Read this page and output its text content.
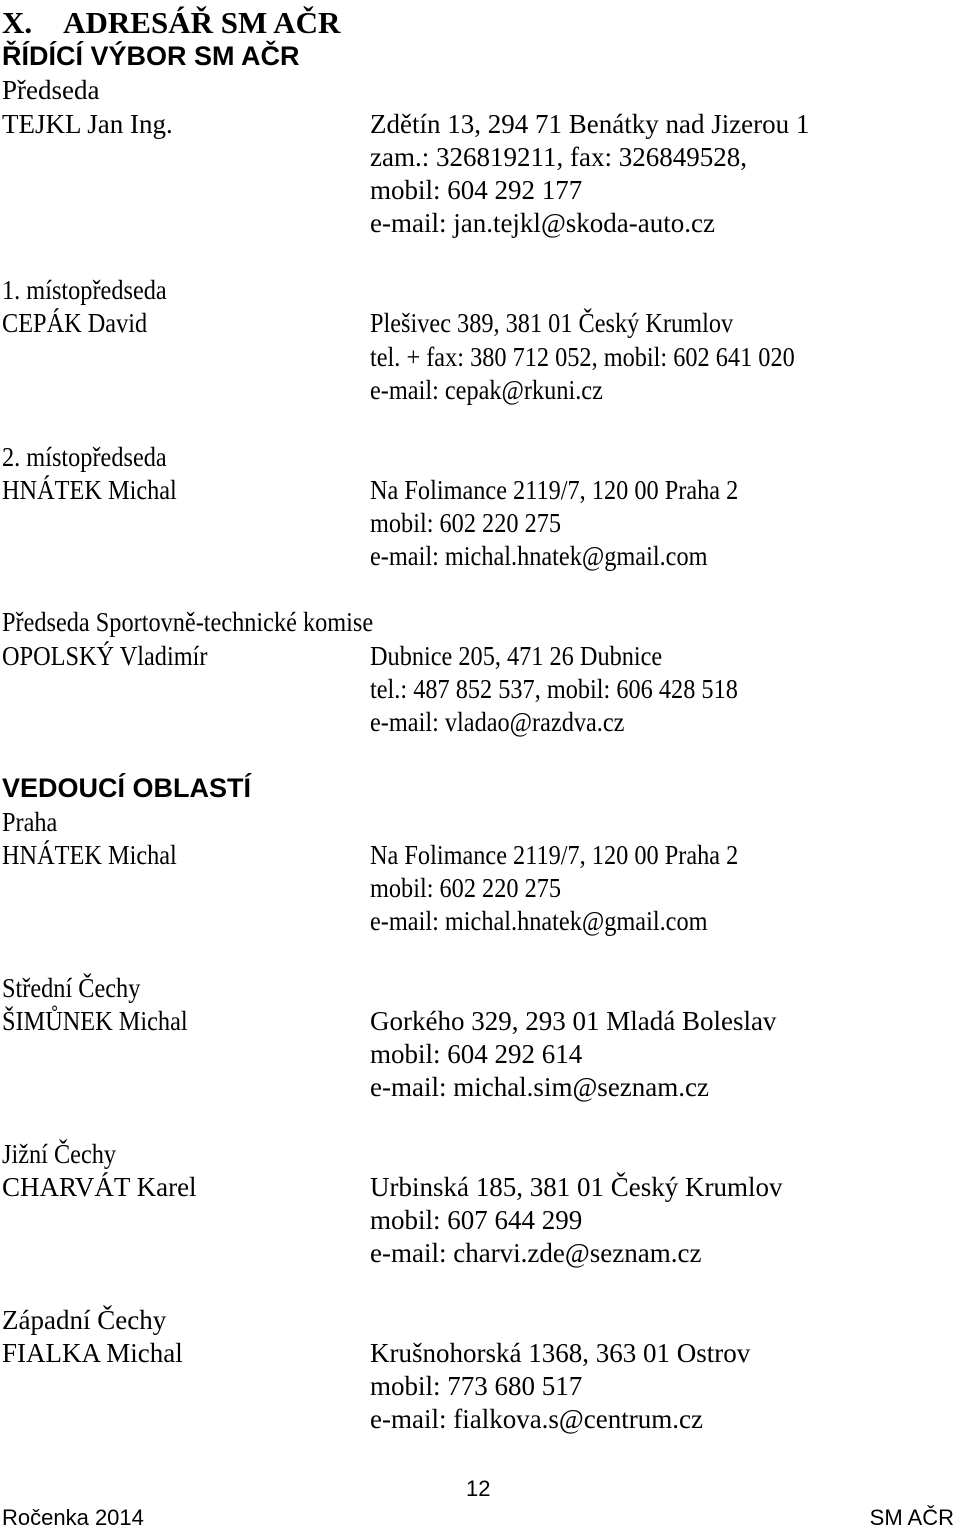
X.    ADRESÁŘ SM AČR
ŘÍDÍCÍ VÝBOR SM AČR
Předseda
TEJKL Jan Ing.	Zdětín 13, 294 71 Benátky nad Jizerou 1
zam.: 326819211, fax: 326849528,
mobil: 604 292 177
e-mail: jan.tejkl@skoda-auto.cz
1. místopředseda
CEPÁK David	Plešivec 389, 381 01 Český Krumlov
tel. + fax: 380 712 052, mobil: 602 641 020
e-mail: cepak@rkuni.cz
2. místopředseda
HNÁTEK Michal	Na Folimance 2119/7, 120 00 Praha 2
mobil: 602 220 275
e-mail: michal.hnatek@gmail.com
Předseda Sportovně-technické komise
OPOLSKÝ Vladimír	Dubnice 205, 471 26 Dubnice
tel.: 487 852 537, mobil: 606 428 518
e-mail: vladao@razdva.cz
VEDOUCÍ OBLASTÍ
Praha
HNÁTEK Michal	Na Folimance 2119/7, 120 00 Praha 2
mobil: 602 220 275
e-mail: michal.hnatek@gmail.com
Střední Čechy
ŠIMŮNEK Michal	Gorkého 329, 293 01 Mladá Boleslav
mobil: 604 292 614
e-mail: michal.sim@seznam.cz
Jižní Čechy
CHARVÁT Karel	Urbinská 185, 381 01 Český Krumlov
mobil: 607 644 299
e-mail: charvi.zde@seznam.cz
Západní Čechy
FIALKA Michal	Krušnohorská 1368, 363 01 Ostrov
mobil: 773 680 517
e-mail: fialkova.s@centrum.cz
12
Ročenka 2014	SM AČR
